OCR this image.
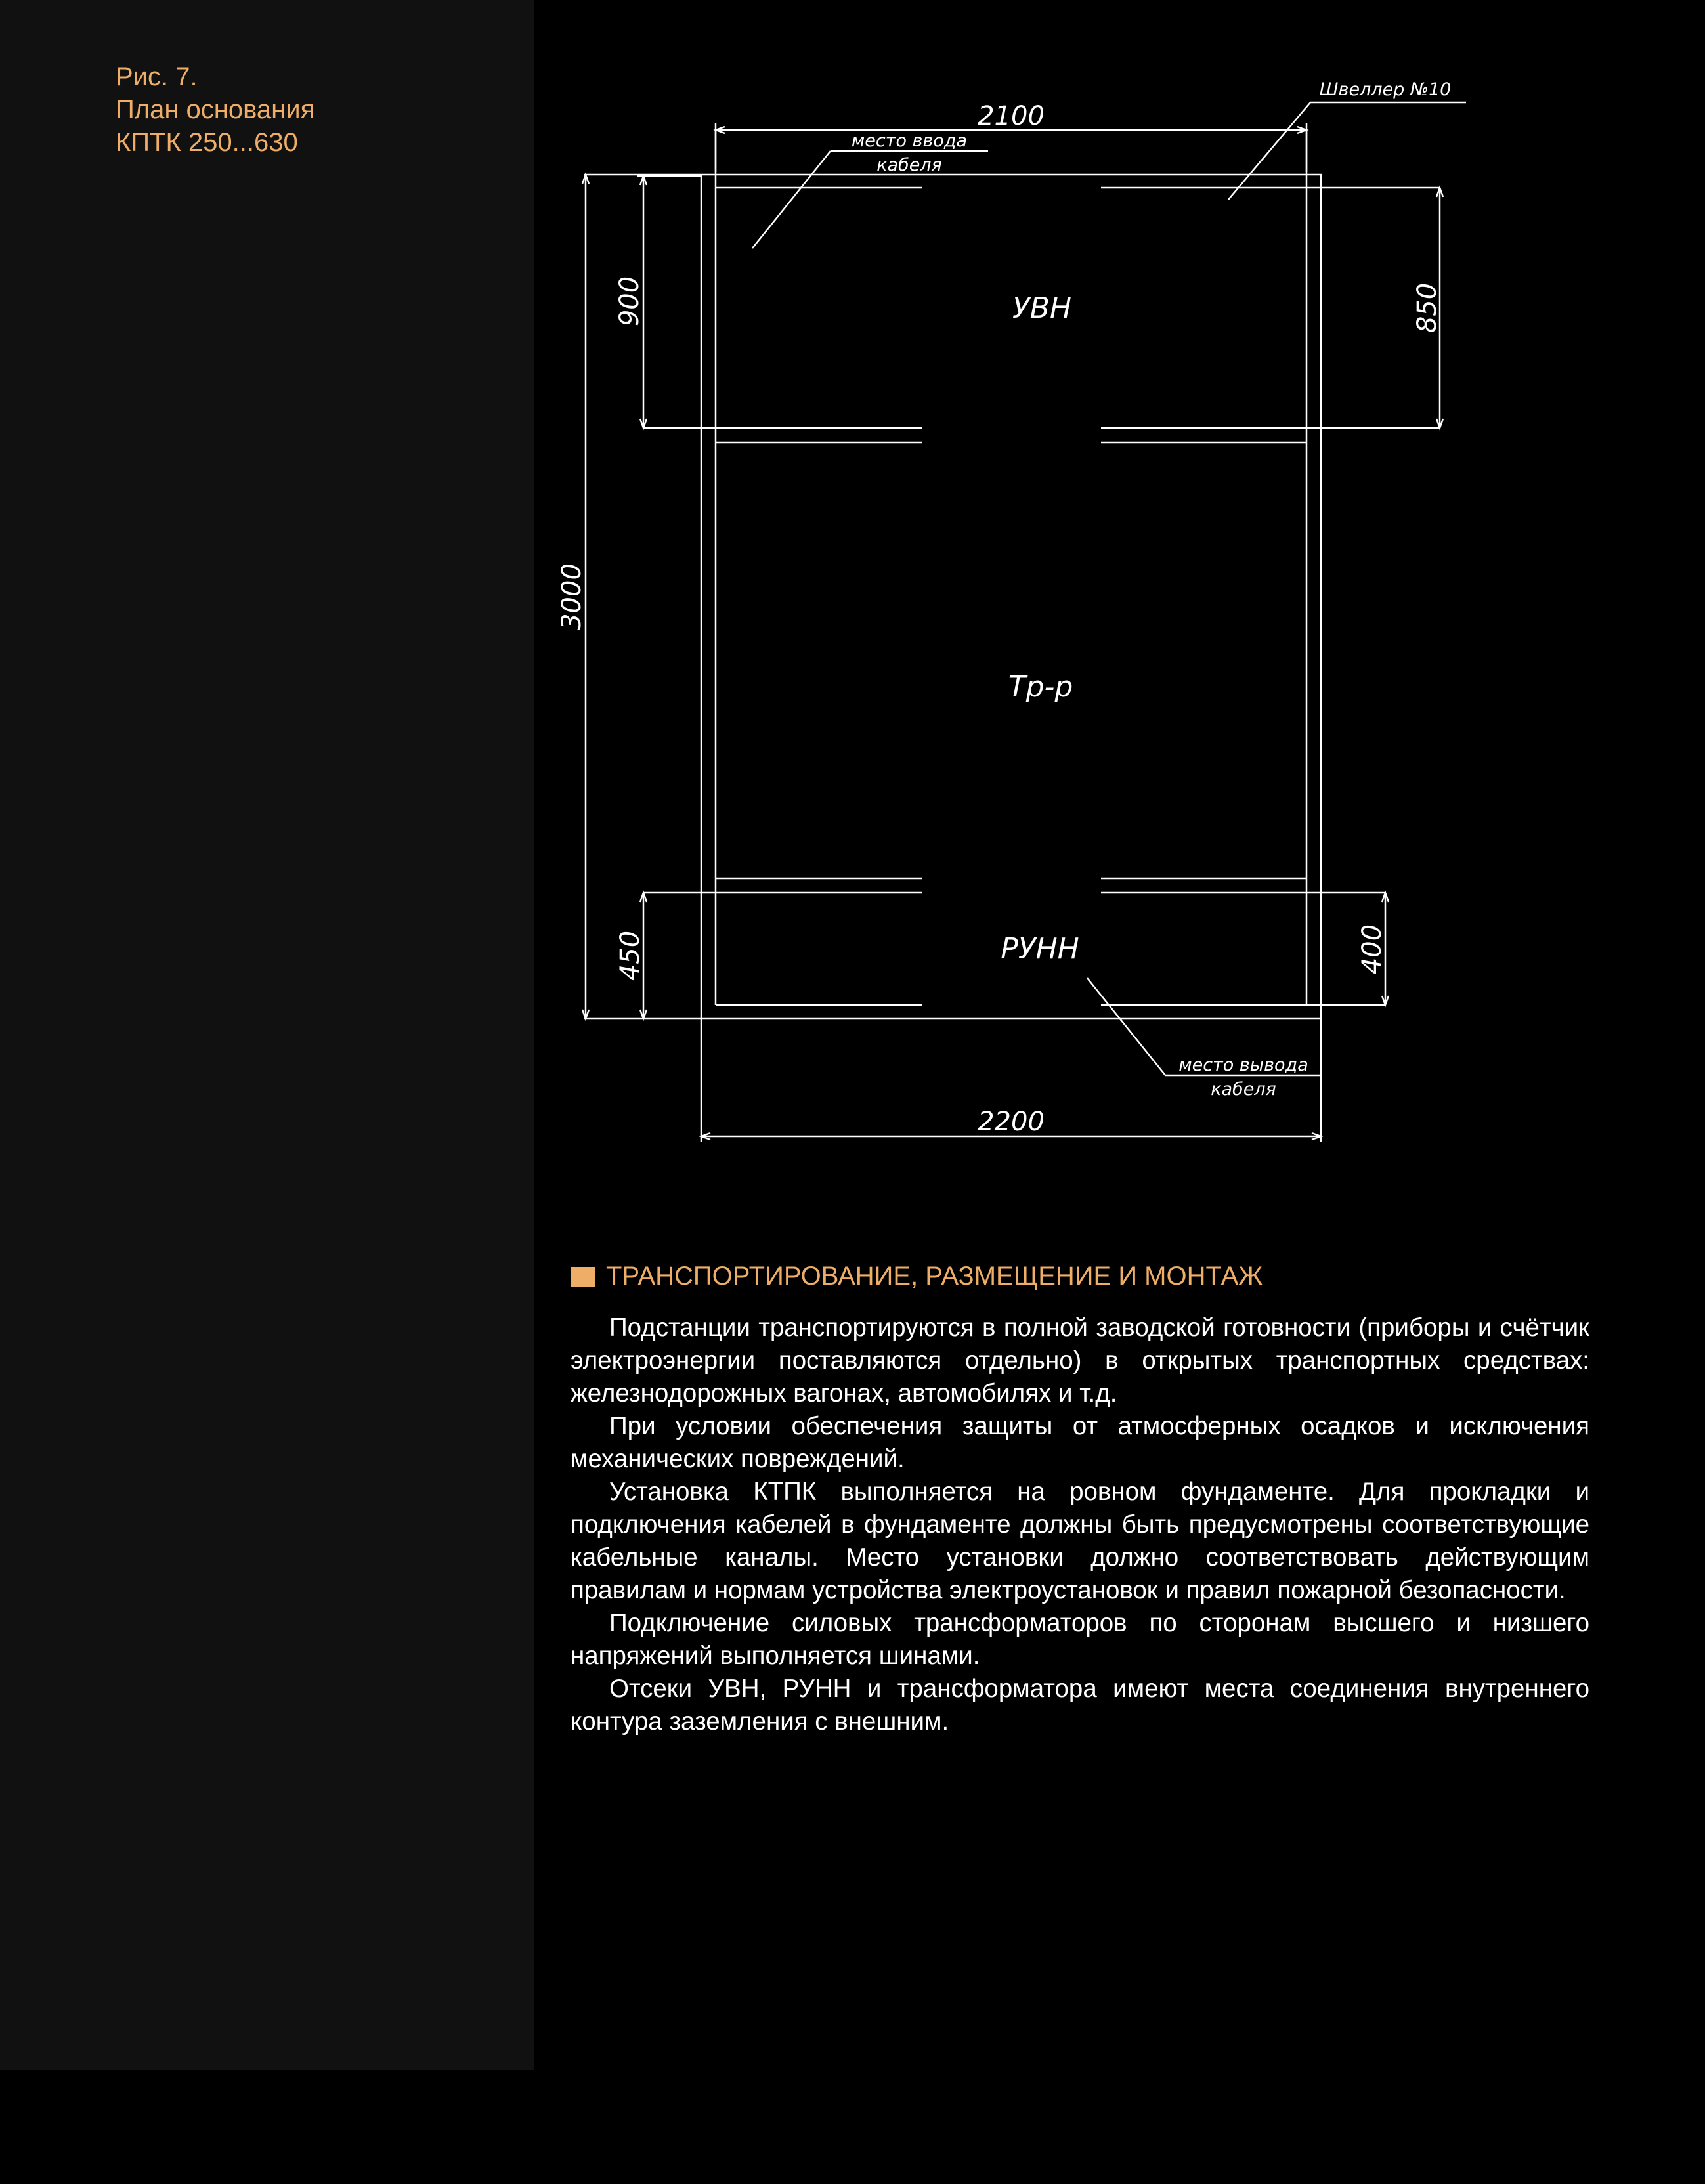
Рис. 7.
План основания
КПТК 250...630
2100
2200
3000
900	850
450	400
УВН
Тр-р
РУНН
место ввода
кабеля
Швеллер №10
место вывода
кабеля
ТРАНСПОРТИРОВАНИЕ, РАЗМЕЩЕНИЕ И МОНТАЖ

Подстанции транспортируются в полной заводской готовности (приборы и счётчик электроэнергии поставляются отдельно) в открытых транспортных средствах: железнодорожных вагонах, автомобилях и т.д.

При условии обеспечения защиты от атмосферных осадков и исключения механических повреждений.

Установка КТПК выполняется на ровном фундаменте. Для прокладки и подключения кабелей в фундаменте должны быть предусмотрены соответствующие кабельные каналы. Место установки должно соответствовать действующим правилам и нормам устройства электроустановок и правил пожарной безопасности.

Подключение силовых трансформаторов по сторонам высшего и низшего напряжений выполняется шинами.

Отсеки УВН, РУНН и трансформатора имеют места соединения внутреннего контура заземления с внешним.
